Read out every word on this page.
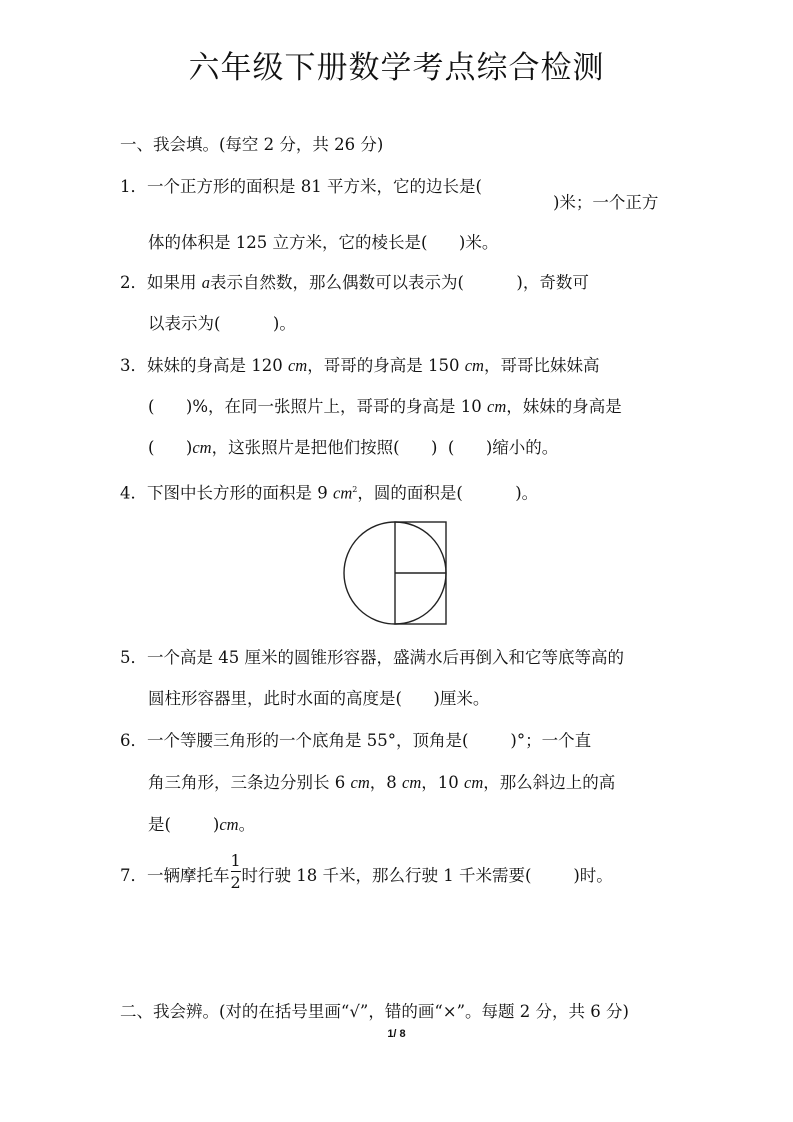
六年级下册数学考点综合检测
一、我会填。(每空 2 分，共 26 分)
1．一个正方形的面积是 81 平方米，它的边长是(
)米；一个正方
体的体积是 125 立方米，它的棱长是(      )米。
2．如果用 a表示自然数，那么偶数可以表示为(          )，奇数可
以表示为(          )。
3．妹妹的身高是 120 cm，哥哥的身高是 150 cm，哥哥比妹妹高
(      )%，在同一张照片上，哥哥的身高是 10 cm，妹妹的身高是
(      )cm，这张照片是把他们按照(      )  (      )缩小的。
4．下图中长方形的面积是 9 $cm^2$，圆的面积是(          )。
5．一个高是 45 厘米的圆锥形容器，盛满水后再倒入和它等底等高的
圆柱形容器里，此时水面的高度是(      )厘米。
6．一个等腰三角形的一个底角是 55°，顶角是(        )°；一个直
角三角形，三条边分别长 6 cm，8 cm，10 cm，那么斜边上的高
是(        )cm。
7．一辆摩托车 $\frac{1}{2}$ 时行驶 18 千米，那么行驶 1 千米需要(        )时。
二、我会辨。(对的在括号里画“√”，错的画“×”。每题 2 分，共 6 分)
1/ 8
